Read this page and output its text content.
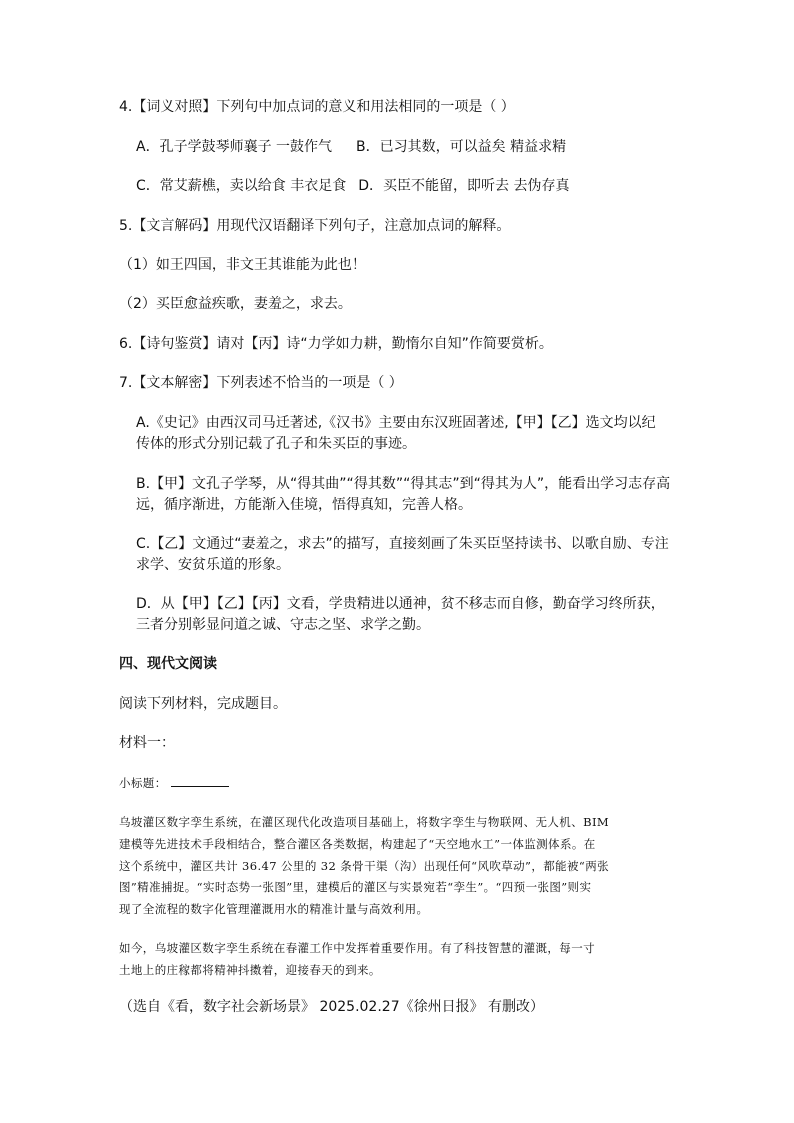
4.【词义对照】下列句中加点词的意义和用法相同的一项是（ ）
A．孔子学鼓琴师襄子 一鼓作气 B．已习其数，可以益矣 精益求精
C．常艾薪樵，卖以给食 丰衣足食 D．买臣不能留，即听去 去伪存真
5.【文言解码】用现代汉语翻译下列句子，注意加点词的解释。
（1）如王四国，非文王其谁能为此也！
（2）买臣愈益疾歌，妻羞之，求去。
6.【诗句鉴赏】请对【丙】诗“力学如力耕，勤惰尔自知”作简要赏析。
7.【文本解密】下列表述不恰当的一项是（ ）
A.《史记》由西汉司马迁著述,《汉书》主要由东汉班固著述,【甲】【乙】选文均以纪
传体的形式分别记载了孔子和朱买臣的事迹。
B.【甲】文孔子学琴，从“得其曲”“得其数”“得其志”到“得其为人”，能看出学习志存高
远，循序渐进，方能渐入佳境，悟得真知，完善人格。
C.【乙】文通过“妻羞之，求去”的描写，直接刻画了朱买臣坚持读书、以歌自励、专注
求学、安贫乐道的形象。
D．从【甲】【乙】【丙】文看，学贵精进以通神，贫不移志而自修，勤奋学习终所获，
三者分别彰显问道之诚、守志之坚、求学之勤。
四、现代文阅读
阅读下列材料，完成题目。
材料一：
小标题：
乌坡灌区数字孪生系统，在灌区现代化改造项目基础上，将数字孪生与物联网、无人机、BIM
建模等先进技术手段相结合，整合灌区各类数据，构建起了“天空地水工”一体监测体系。在
这个系统中，灌区共计 36.47 公里的 32 条骨干渠（沟）出现任何“风吹草动”，都能被“两张
图”精准捕捉。“实时态势一张图”里，建模后的灌区与实景宛若“孪生”。“四预一张图”则实
现了全流程的数字化管理灌溉用水的精准计量与高效利用。
如今，乌坡灌区数字孪生系统在春灌工作中发挥着重要作用。有了科技智慧的灌溉，每一寸
土地上的庄稼都将精神抖擞着，迎接春天的到来。
（选自《看，数字社会新场景》 2025.02.27《徐州日报》 有删改）
